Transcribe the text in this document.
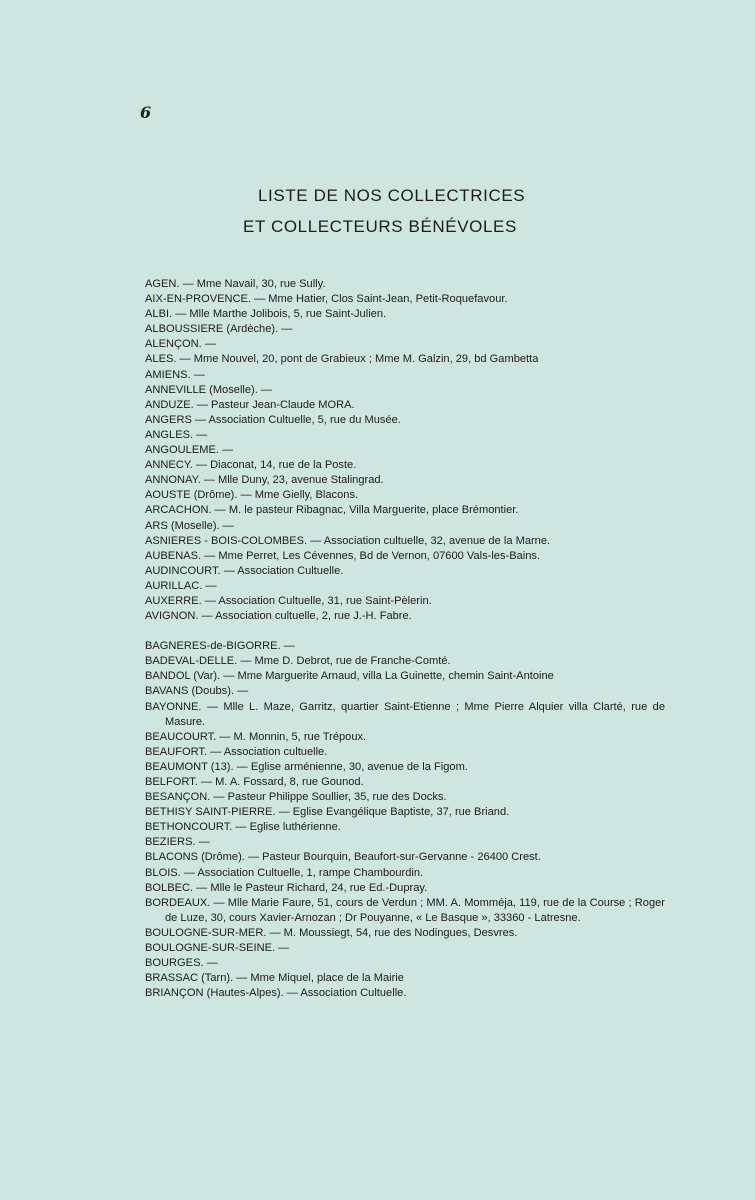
6
LISTE DE NOS COLLECTRICES
ET COLLECTEURS BÉNÉVOLES
AGEN. — Mme Navail, 30, rue Sully.
AIX-EN-PROVENCE. — Mme Hatier, Clos Saint-Jean, Petit-Roquefavour.
ALBI. — Mlle Marthe Jolibois, 5, rue Saint-Julien.
ALBOUSSIERE (Ardèche). —
ALENÇON. —
ALES. — Mme Nouvel, 20, pont de Grabieux ; Mme M. Galzin, 29, bd Gambetta
AMIENS. —
ANNEVILLE (Moselle). —
ANDUZE. — Pasteur Jean-Claude MORA.
ANGERS — Association Cultuelle, 5, rue du Musée.
ANGLES. —
ANGOULEME. —
ANNECY. — Diaconat, 14, rue de la Poste.
ANNONAY. — Mlle Duny, 23, avenue Stalingrad.
AOUSTE (Drôme). — Mme Gielly, Blacons.
ARCACHON. — M. le pasteur Ribagnac, Villa Marguerite, place Brémontier.
ARS (Moselle). —
ASNIERES - BOIS-COLOMBES. — Association cultuelle, 32, avenue de la Marne.
AUBENAS. — Mme Perret, Les Cévennes, Bd de Vernon, 07600 Vals-les-Bains.
AUDINCOURT. — Association Cultuelle.
AURILLAC. —
AUXERRE. — Association Cultuelle, 31, rue Saint-Pèlerin.
AVIGNON. — Association cultuelle, 2, rue J.-H. Fabre.
BAGNERES-de-BIGORRE. —
BADEVAL-DELLE. — Mme D. Debrot, rue de Franche-Comté.
BANDOL (Var). — Mme Marguerite Arnaud, villa La Guinette, chemin Saint-Antoine
BAVANS (Doubs). —
BAYONNE. — Mlle L. Maze, Garritz, quartier Saint-Etienne ; Mme Pierre Alquier villa Clarté, rue de Masure.
BEAUCOURT. — M. Monnin, 5, rue Trépoux.
BEAUFORT. — Association cultuelle.
BEAUMONT (13). — Eglise arménienne, 30, avenue de la Figom.
BELFORT. — M. A. Fossard, 8, rue Gounod.
BESANÇON. — Pasteur Philippe Soullier, 35, rue des Docks.
BETHISY SAINT-PIERRE. — Eglise Evangélique Baptiste, 37, rue Briand.
BETHONCOURT. — Eglise luthérienne.
BEZIERS. —
BLACONS (Drôme). — Pasteur Bourquin, Beaufort-sur-Gervanne - 26400 Crest.
BLOIS. — Association Cultuelle, 1, rampe Chambourdin.
BOLBEC. — Mlle le Pasteur Richard, 24, rue Ed.-Dupray.
BORDEAUX. — Mlle Marie Faure, 51, cours de Verdun ; MM. A. Momméja, 119, rue de la Course ; Roger de Luze, 30, cours Xavier-Arnozan ; Dr Pouyanne, « Le Basque », 33360 - Latresne.
BOULOGNE-SUR-MER. — M. Moussiegt, 54, rue des Nodingues, Desvres.
BOULOGNE-SUR-SEINE. —
BOURGES. —
BRASSAC (Tarn). — Mme Miquel, place de la Mairie
BRIANÇON (Hautes-Alpes). — Association Cultuelle.
